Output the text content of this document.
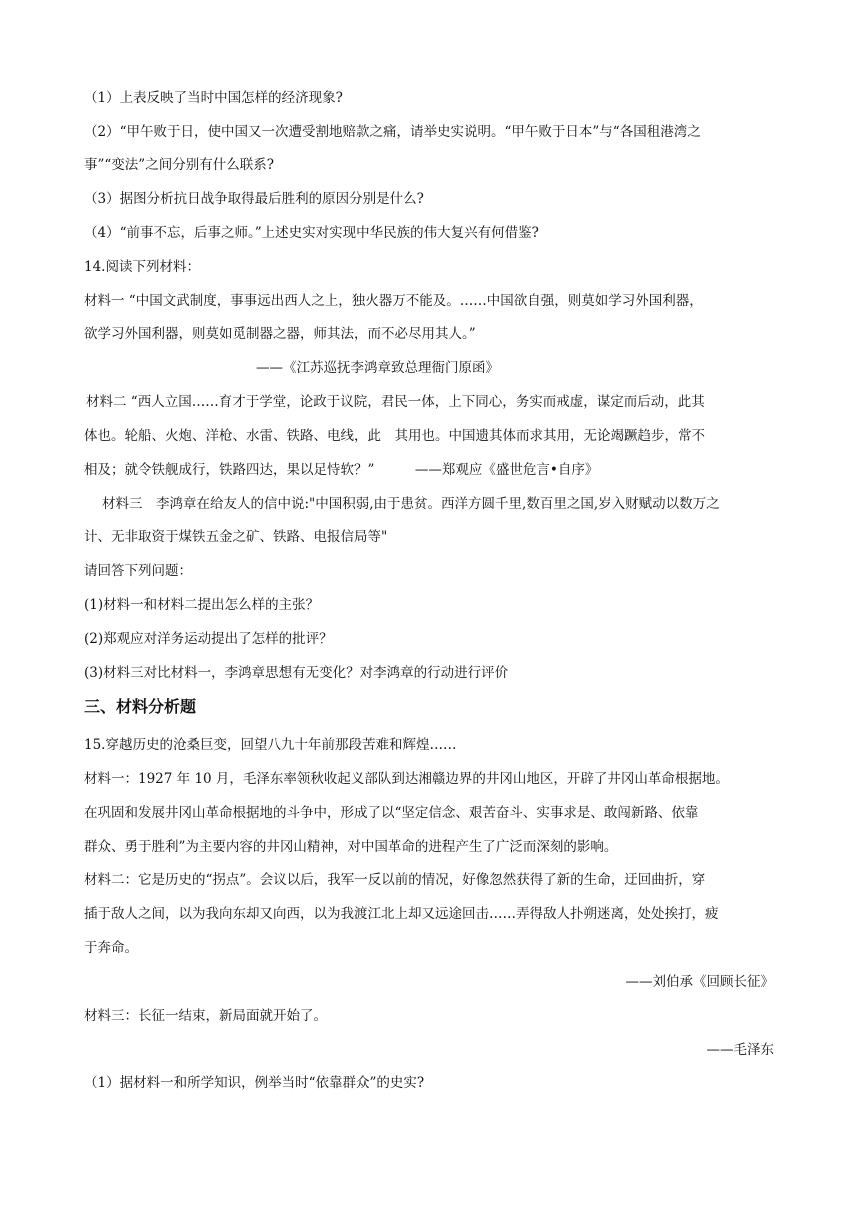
（1）上表反映了当时中国怎样的经济现象?
（2）“甲午败于日，使中国又一次遭受割地赔款之痛，请举史实说明。“甲午败于日本”与“各国租港湾之
事”“变法”之间分别有什么联系?
（3）据图分析抗日战争取得最后胜利的原因分别是什么?
（4）“前事不忘，后事之师。”上述史实对实现中华民族的伟大复兴有何借鉴?
14.阅读下列材料：
材料一 “中国文武制度，事事远出西人之上，独火器万不能及。……中国欲自强，则莫如学习外国利器，
欲学习外国利器，则莫如觅制器之器，师其法，而不必尽用其人。”
——《江苏巡抚李鸿章致总理衙门原函》
材料二 “西人立国……育才于学堂，论政于议院，君民一体，上下同心，务实而戒虚，谋定而后动，此其
体也。轮船、火炮、洋枪、水雷、铁路、电线，此　其用也。中国遗其体而求其用，无论竭蹶趋步，常不
相及；就令铁舰成行，铁路四达，果以足恃软？”　　　——郑观应《盛世危言•自序》
材料三　李鸿章在给友人的信中说:"中国积弱,由于患贫。西洋方圆千里,数百里之国,岁入财赋动以数万之
计、无非取资于煤铁五金之矿、铁路、电报信局等"
请回答下列问题：
(1)材料一和材料二提出怎么样的主张？
(2)郑观应对洋务运动提出了怎样的批评？
(3)材料三对比材料一，李鸿章思想有无变化？对李鸿章的行动进行评价
三、材料分析题
15.穿越历史的沧桑巨变，回望八九十年前那段苦难和辉煌……
材料一：1927 年 10 月，毛泽东率领秋收起义部队到达湘赣边界的井冈山地区，开辟了井冈山革命根据地。
在巩固和发展井冈山革命根据地的斗争中，形成了以“坚定信念、艰苦奋斗、实事求是、敢闯新路、依靠
群众、勇于胜利”为主要内容的井冈山精神，对中国革命的进程产生了广泛而深刻的影响。
材料二：它是历史的“拐点”。会议以后，我军一反以前的情况，好像忽然获得了新的生命，迂回曲折，穿
插于敌人之间，以为我向东却又向西，以为我渡江北上却又远途回击……弄得敌人扑朔迷离，处处挨打，疲
于奔命。
——刘伯承《回顾长征》
材料三：长征一结束，新局面就开始了。
——毛泽东
（1）据材料一和所学知识，例举当时“依靠群众”的史实?
